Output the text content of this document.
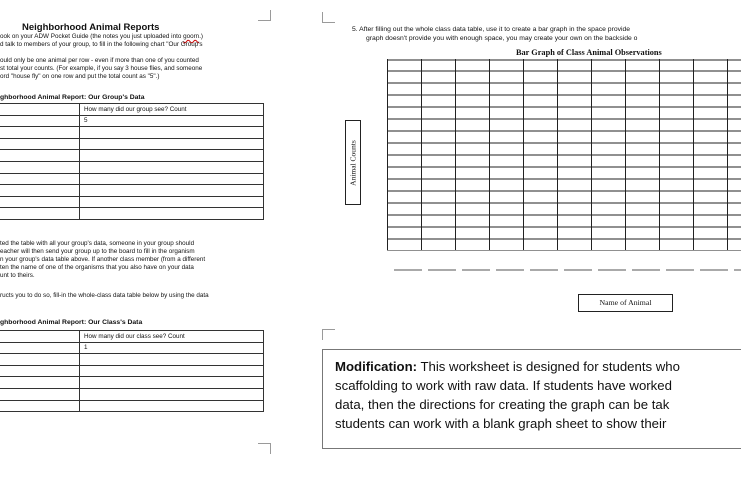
Neighborhood Animal Reports
ook on your ADW Pocket Guide (the notes you just uploaded into goorn.)
d talk to members of your group, to fill in the following chart "Our Group's
ould only be one animal per row - even if more than one of you counted
st total your counts. (For example, if you say 3 house flies, and someone
ord "house fly" on one row and put the total count as "5".)
ghborhood Animal Report: Our Group's Data
	How many did our group see? Count
	5

ted the table with all your group's data, someone in your group should
eacher will then send your group up to the board to fill in the organism
n your group's data table above. If another class member (from a different
ten the name of one of the organisms that you also have on your data
unt to theirs.
ructs you to do so, fill-in the whole-class data table below by using the data
ghborhood Animal Report: Our Class's Data
	How many did our class see? Count
	1

5. After filling out the whole class data table, use it to create a bar graph in the space provide
graph doesn't provide you with enough space, you may create your own on the backside o
Bar Graph of Class Animal Observations
Animal Counts
Name of Animal
Modification: This worksheet is designed for students who
scaffolding to work with raw data. If students have worked
data, then the directions for creating the graph can be tak
students can work with a blank graph sheet to show their
